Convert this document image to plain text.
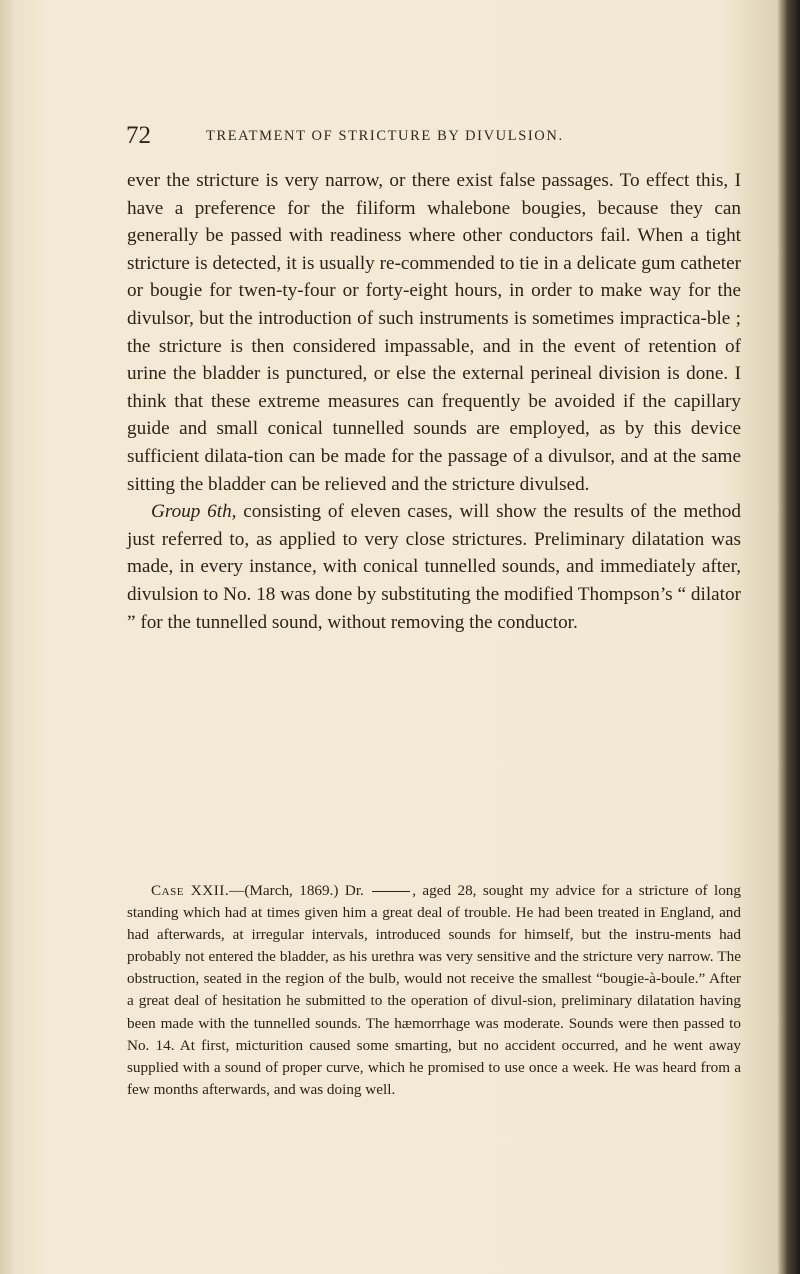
72	TREATMENT OF STRICTURE BY DIVULSION.

ever the stricture is very narrow, or there exist false passages. To effect this, I have a preference for the filiform whalebone bougies, because they can generally be passed with readiness where other conductors fail. When a tight stricture is detected, it is usually re-commended to tie in a delicate gum catheter or bougie for twen-ty-four or forty-eight hours, in order to make way for the divulsor, but the introduction of such instruments is sometimes impractica-ble ; the stricture is then considered impassable, and in the event of retention of urine the bladder is punctured, or else the external perineal division is done. I think that these extreme measures can frequently be avoided if the capillary guide and small conical tunnelled sounds are employed, as by this device sufficient dilata-tion can be made for the passage of a divulsor, and at the same sitting the bladder can be relieved and the stricture divulsed.

Group 6th, consisting of eleven cases, will show the results of the method just referred to, as applied to very close strictures. Preliminary dilatation was made, in every instance, with conical tunnelled sounds, and immediately after, divulsion to No. 18 was done by substituting the modified Thompson’s “ dilator ” for the tunnelled sound, without removing the conductor.

Case XXII.—(March, 1869.) Dr.	, aged 28, sought my advice for a stricture of long standing which had at times given him a great deal of trouble. He had been treated in England, and had afterwards, at irregular intervals, introduced sounds for himself, but the instru-ments had probably not entered the bladder, as his urethra was very sensitive and the stricture very narrow. The obstruction, seated in the region of the bulb, would not receive the smallest “bougie-à-boule.” After a great deal of hesitation he submitted to the operation of divul-sion, preliminary dilatation having been made with the tunnelled sounds. The hæmorrhage was moderate. Sounds were then passed to No. 14. At first, micturition caused some smarting, but no accident occurred, and he went away supplied with a sound of proper curve, which he promised to use once a week. He was heard from a few months afterwards, and was doing well.
